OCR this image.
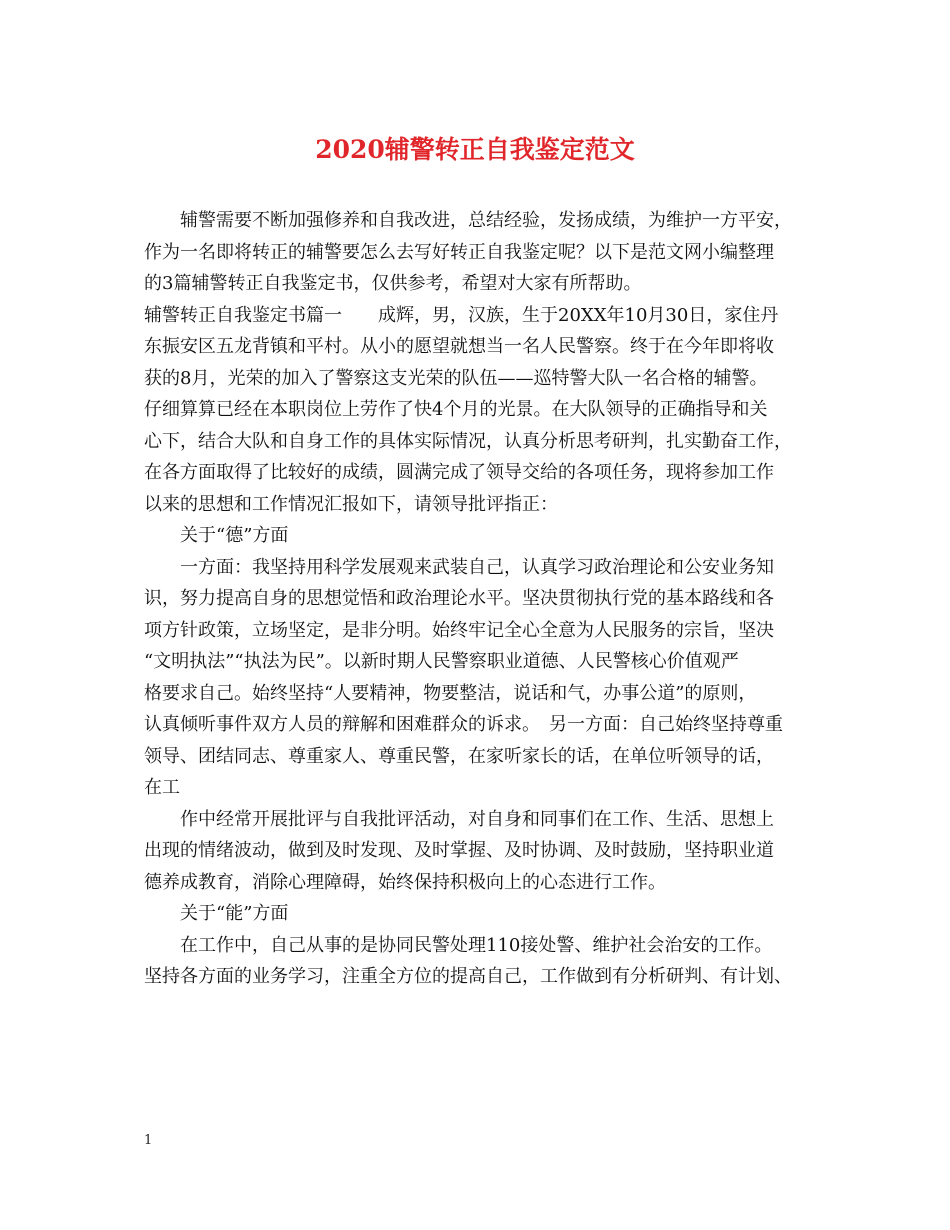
2020辅警转正自我鉴定范文
辅警需要不断加强修养和自我改进，总结经验，发扬成绩，为维护一方平安，
作为一名即将转正的辅警要怎么去写好转正自我鉴定呢？以下是范文网小编整理
的3篇辅警转正自我鉴定书，仅供参考，希望对大家有所帮助。
辅警转正自我鉴定书篇一　　成辉，男，汉族，生于20XX年10月30日，家住丹
东振安区五龙背镇和平村。从小的愿望就想当一名人民警察。终于在今年即将收
获的8月，光荣的加入了警察这支光荣的队伍——巡特警大队一名合格的辅警。
仔细算算已经在本职岗位上劳作了快4个月的光景。在大队领导的正确指导和关
心下，结合大队和自身工作的具体实际情况，认真分析思考研判，扎实勤奋工作，
在各方面取得了比较好的成绩，圆满完成了领导交给的各项任务，现将参加工作
以来的思想和工作情况汇报如下，请领导批评指正：
关于“德”方面
一方面：我坚持用科学发展观来武装自己，认真学习政治理论和公安业务知
识，努力提高自身的思想觉悟和政治理论水平。坚决贯彻执行党的基本路线和各
项方针政策，立场坚定，是非分明。始终牢记全心全意为人民服务的宗旨，坚决
“文明执法”“执法为民”。以新时期人民警察职业道德、人民警核心价值观严
格要求自己。始终坚持“人要精神，物要整洁，说话和气，办事公道”的原则，
认真倾听事件双方人员的辩解和困难群众的诉求。　另一方面：自己始终坚持尊重
领导、团结同志、尊重家人、尊重民警，在家听家长的话，在单位听领导的话，
在工
作中经常开展批评与自我批评活动，对自身和同事们在工作、生活、思想上
出现的情绪波动，做到及时发现、及时掌握、及时协调、及时鼓励，坚持职业道
德养成教育，消除心理障碍，始终保持积极向上的心态进行工作。
关于“能”方面
在工作中，自己从事的是协同民警处理110接处警、维护社会治安的工作。
坚持各方面的业务学习，注重全方位的提高自己，工作做到有分析研判、有计划、
1
